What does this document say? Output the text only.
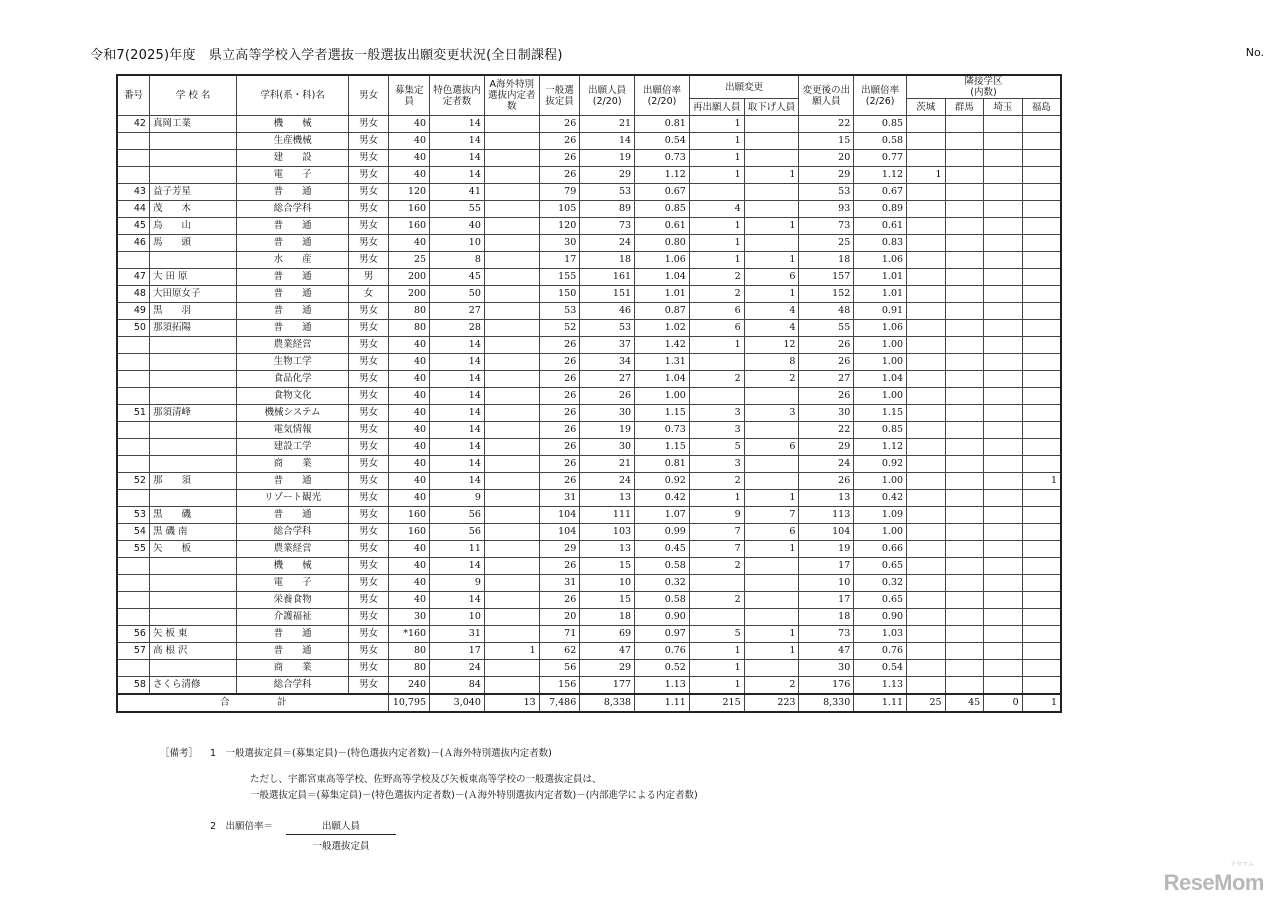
令和7(2025)年度　県立高等学校入学者選抜一般選抜出願変更状況(全日制課程)	No.
番号	学 校 名	学科(系・科)名	男女	募集定員	特色選抜内定者数	A海外特別選抜内定者数	一般選抜定員	出願人員(2/20)	出願倍率(2/20)	出願変更		変更後の出願人員	出願倍率(2/26)	隣接学区
(内数)			
										再出願人員	取下げ人員			茨城	群馬	埼玉	福島
42	真岡工業	機　　械	男女	40	14		26	21	0.81	1		22	0.85				
		生産機械	男女	40	14		26	14	0.54	1		15	0.58				
		建　　設	男女	40	14		26	19	0.73	1		20	0.77				
		電　　子	男女	40	14		26	29	1.12	1	1	29	1.12	1			
43	益子芳星	普　　通	男女	120	41		79	53	0.67			53	0.67				
44	茂　　木	総合学科	男女	160	55		105	89	0.85	4		93	0.89				
45	烏　　山	普　　通	男女	160	40		120	73	0.61	1	1	73	0.61				
46	馬　　頭	普　　通	男女	40	10		30	24	0.80	1		25	0.83				
		水　　産	男女	25	8		17	18	1.06	1	1	18	1.06				
47	大 田 原	普　　通	男	200	45		155	161	1.04	2	6	157	1.01				
48	大田原女子	普　　通	女	200	50		150	151	1.01	2	1	152	1.01				
49	黒　　羽	普　　通	男女	80	27		53	46	0.87	6	4	48	0.91				
50	那須拓陽	普　　通	男女	80	28		52	53	1.02	6	4	55	1.06				
		農業経営	男女	40	14		26	37	1.42	1	12	26	1.00				
		生物工学	男女	40	14		26	34	1.31		8	26	1.00				
		食品化学	男女	40	14		26	27	1.04	2	2	27	1.04				
		食物文化	男女	40	14		26	26	1.00			26	1.00				
51	那須清峰	機械システム	男女	40	14		26	30	1.15	3	3	30	1.15				
		電気情報	男女	40	14		26	19	0.73	3		22	0.85				
		建設工学	男女	40	14		26	30	1.15	5	6	29	1.12				
		商　　業	男女	40	14		26	21	0.81	3		24	0.92				
52	那　　須	普　　通	男女	40	14		26	24	0.92	2		26	1.00				1
		リゾート観光	男女	40	9		31	13	0.42	1	1	13	0.42				
53	黒　　磯	普　　通	男女	160	56		104	111	1.07	9	7	113	1.09				
54	黒 磯 南	総合学科	男女	160	56		104	103	0.99	7	6	104	1.00				
55	矢　　板	農業経営	男女	40	11		29	13	0.45	7	1	19	0.66				
		機　　械	男女	40	14		26	15	0.58	2		17	0.65				
		電　　子	男女	40	9		31	10	0.32			10	0.32				
		栄養食物	男女	40	14		26	15	0.58	2		17	0.65				
		介護福祉	男女	30	10		20	18	0.90			18	0.90				
56	矢 板 東	普　　通	男女	*160	31		71	69	0.97	5	1	73	1.03				
57	高 根 沢	普　　通	男女	80	17	1	62	47	0.76	1	1	47	0.76				
		商　　業	男女	80	24		56	29	0.52	1		30	0.54				
58	さくら清修	総合学科	男女	240	84		156	177	1.13	1	2	176	1.13				
合　　　　　計				10,795	3,040	13	7,486	8,338	1.11	215	223	8,330	1.11	25	45	0	1
［備考］ 1　一般選抜定員＝(募集定員)－(特色選抜内定者数)－(Ａ海外特別選抜内定者数)
ただし、宇都宮東高等学校、佐野高等学校及び矢板東高等学校の一般選抜定員は、
一般選抜定員＝(募集定員)－(特色選抜内定者数)－(Ａ海外特別選抜内定者数)－(内部進学による内定者数)
2　出願倍率＝	出願人員
一般選抜定員
リセマム
ReseMom
